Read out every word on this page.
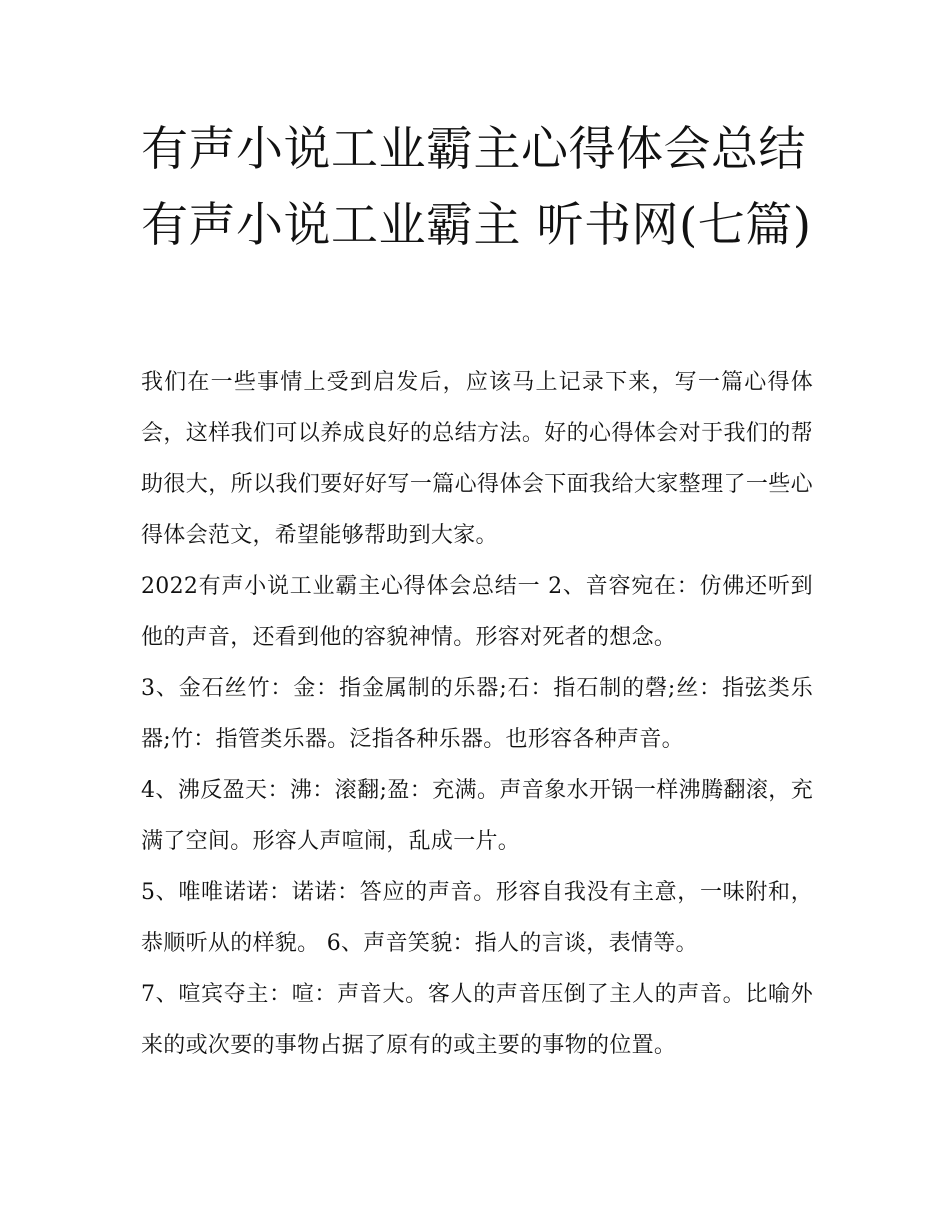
有声小说工业霸主心得体会总结 有声小说工业霸主 听书网(七篇)

我们在一些事情上受到启发后，应该马上记录下来，写一篇心得体会，这样我们可以养成良好的总结方法。好的心得体会对于我们的帮助很大，所以我们要好好写一篇心得体会下面我给大家整理了一些心得体会范文，希望能够帮助到大家。

2022有声小说工业霸主心得体会总结一 2、音容宛在：仿佛还听到他的声音，还看到他的容貌神情。形容对死者的想念。

3、金石丝竹：金：指金属制的乐器;石：指石制的磬;丝：指弦类乐器;竹：指管类乐器。泛指各种乐器。也形容各种声音。

4、沸反盈天：沸：滚翻;盈：充满。声音象水开锅一样沸腾翻滚，充满了空间。形容人声喧闹，乱成一片。

5、唯唯诺诺：诺诺：答应的声音。形容自我没有主意，一味附和，恭顺听从的样貌。 6、声音笑貌：指人的言谈，表情等。

7、喧宾夺主：喧：声音大。客人的声音压倒了主人的声音。比喻外来的或次要的事物占据了原有的或主要的事物的位置。
